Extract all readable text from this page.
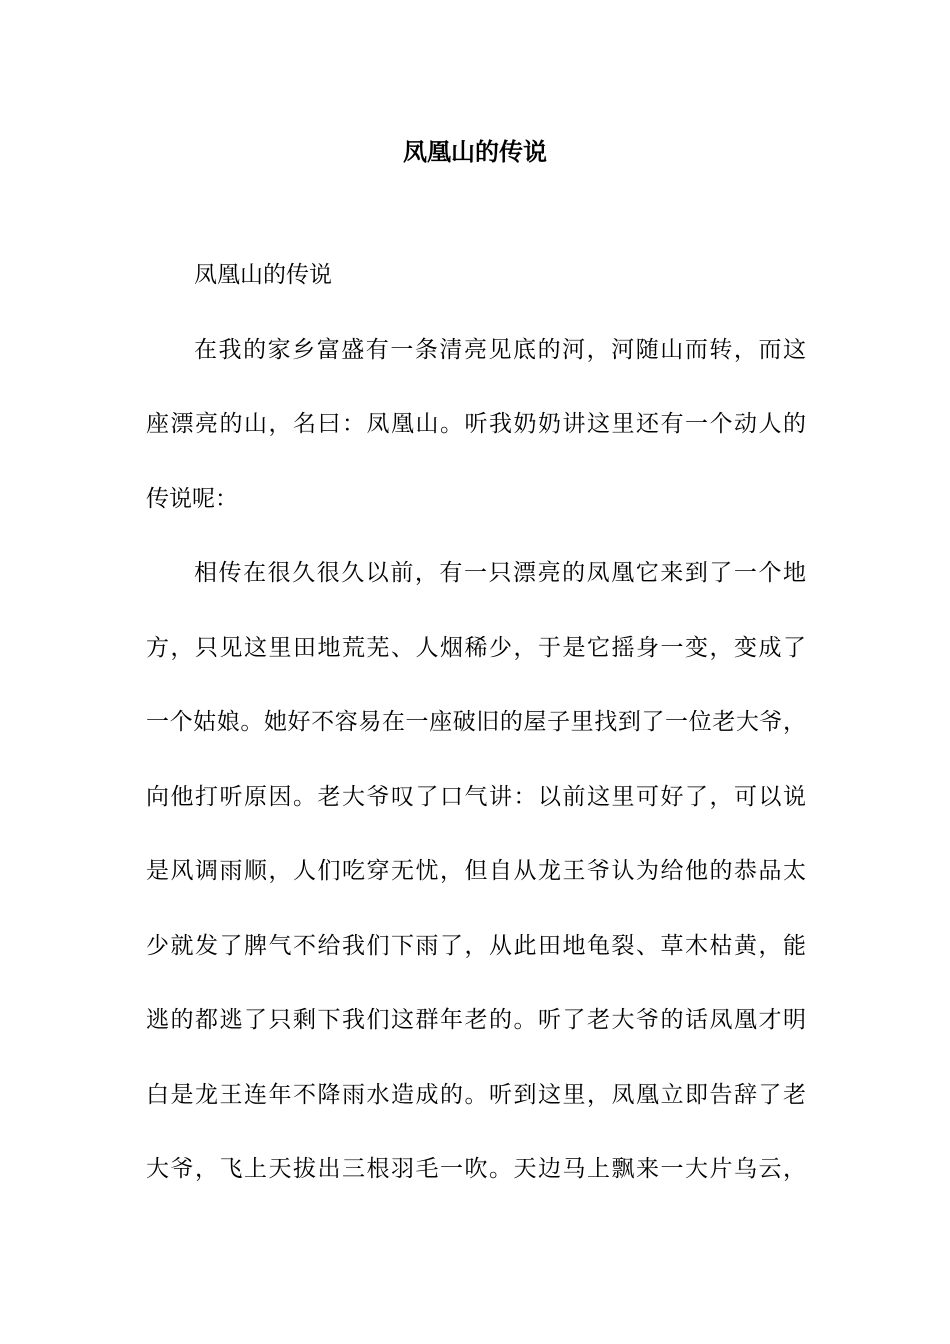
凤凰山的传说
凤凰山的传说
在我的家乡富盛有一条清亮见底的河，河随山而转，而这
座漂亮的山，名曰：凤凰山。听我奶奶讲这里还有一个动人的
传说呢：
相传在很久很久以前，有一只漂亮的凤凰它来到了一个地
方，只见这里田地荒芜、人烟稀少，于是它摇身一变，变成了
一个姑娘。她好不容易在一座破旧的屋子里找到了一位老大爷，
向他打听原因。老大爷叹了口气讲：以前这里可好了，可以说
是风调雨顺，人们吃穿无忧，但自从龙王爷认为给他的恭品太
少就发了脾气不给我们下雨了，从此田地龟裂、草木枯黄，能
逃的都逃了只剩下我们这群年老的。听了老大爷的话凤凰才明
白是龙王连年不降雨水造成的。听到这里，凤凰立即告辞了老
大爷，飞上天拔出三根羽毛一吹。天边马上飘来一大片乌云，
